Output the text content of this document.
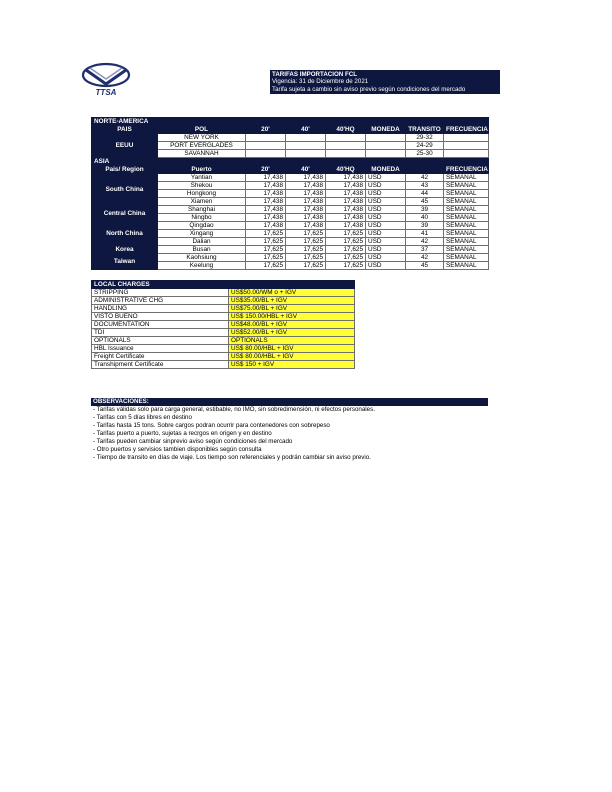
TTSA
TARIFAS IMPORTACION FCL
Vigencia: 31 de Diciembre de 2021
Tarifa sujeta a cambio sin aviso previo según condiciones del mercado
NORTE-AMERICA							
PAIS	POL	20'	40'	40'HQ	MONEDA	TRANSITO	FRECUENCIA
EEUU	NEW YORK					29-32	
	PORT EVERGLADES					24-29	
	SAVANNAH					25-30	
ASIA							
Pais/ Region	Puerto	20'	40'	40'HQ	MONEDA		FRECUENCIA
South China	Yantian	17,438	17,438	17,438	USD	42	SEMANAL
	Shekou	17,438	17,438	17,438	USD	43	SEMANAL
	Hongkong	17,438	17,438	17,438	USD	44	SEMANAL
	Xiamen	17,438	17,438	17,438	USD	45	SEMANAL
Central China	Shanghai	17,438	17,438	17,438	USD	39	SEMANAL
	Ningbo	17,438	17,438	17,438	USD	40	SEMANAL
North China	Qingdao	17,438	17,438	17,438	USD	39	SEMANAL
	Xingang	17,625	17,625	17,625	USD	41	SEMANAL
	Dalian	17,625	17,625	17,625	USD	42	SEMANAL
Korea	Busan	17,625	17,625	17,625	USD	37	SEMANAL
Taiwan	Kaohsiung	17,625	17,625	17,625	USD	42	SEMANAL
	Keelung	17,625	17,625	17,625	USD	45	SEMANAL
LOCAL CHARGES	
STRIPPING	US$50.00/WM o + IGV
ADMINISTRATIVE CHG	US$35.00/BL + IGV
HANDLING	US$75.00/BL + IGV
VISTO BUENO	US$ 150.00/HBL + IGV
DOCUMENTATION	US$48.00/BL + IGV
TDI	US$52.00/BL + IGV
OPTIONALS	OPTIONALS
HBL Issuance	US$ 80.00/HBL + IGV
Freight Certificate	US$ 80.00/HBL + IGV
Transhipment Certificate	US$ 150 + IGV
OBSERVACIONES:
- Tarifas válidas solo para carga general, estibable, no IMO, sin sobredimensión, ni efectos personales.
- Tarifas con 5 días libres en destino
- Tarifas hasta 15 tons. Sobre cargos podran ocurrir para contenedores con sobrepeso
- Tarifas puerto a puerto, sujetas a recrgos en origen y en destino
- Tarifas pueden cambiar sinprevio aviso según condiciones del mercado
- Otro puertos y servisios tambien disponibles según consulta
- Tiempo de transito en días de viaje. Los tiempo son referenciales y podrán cambiar sin aviso previo.
